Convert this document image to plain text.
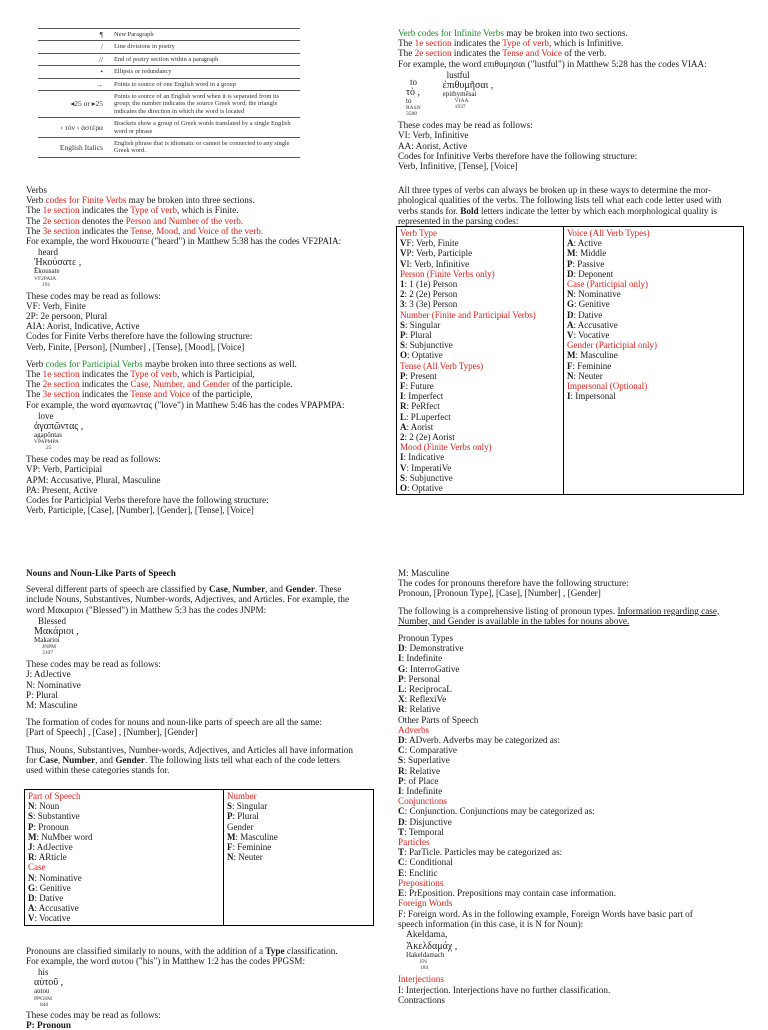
¶	New Paragraph
/	Line divisions in poetry
//	End of poetry section within a paragraph
•	Ellipsis or redundancy
→	Points to source of one English word in a group
◂25 or ▸25	Points to source of an English word when it is separated from its group; the number indicates the source Greek word; the triangle indicates the direction in which the word is located
‹ τόν › ἀστέρα	Brackets show a group of Greek words translated by a single English word or phrase
English Italics	English phrase that is idiomatic or cannot be connected to any single Greek word.
Verbs
Verb codes for Finite Verbs may be broken into three sections.
The 1e section indicates the Type of verb, which is Finite.
The 2e section denotes the Person and Number of the verb.
The 3e section indicates the Tense, Mood, and Voice of the verb.
For example, the word Ηκουσατε ("heard") in Matthew 5:38 has the codes VF2PAIA:
heard
Ἠκούσατε ,
Ēkousate
VF2PAIA
191
These codes may be read as follows:
VF: Verb, Finite
2P: 2e persoon, Plural
AIA: Aorist, Indicative, Active
Codes for Finite Verbs therefore have the following structure:
Verb, Finite, [Person], [Number] , [Tense], [Mood], [Voice]
Verb codes for Participial Verbs maybe broken into three sections as well.
The 1e section indicates the Type of verb, which is Participial,
The 2e section indicates the Case, Number, and Gender of the participle.
The 3e section indicates the Tense and Voice of the participle,
For example, the word αγαπωντας ("love") in Matthew 5:46 has the codes VPAPMPA:
love
ἀγαπῶντας ,
agapōntas
VPAPMPA
25
These codes may be read as follows:
VP: Verb, Participial
APM: Accusative, Plural, Masculine
PA: Present, Active
Codes for Participial Verbs therefore have the following structure:
Verb, Participle, [Case], [Number], [Gender], [Tense], [Voice]
Verb codes for Infinite Verbs may be broken into two sections.
The 1e section indicates the Type of verb, which is Infinitive.
The 2e section indicates the Tense and Voice of the verb.
For example, the word επιθυμησαι ("lustful") in Matthew 5:28 has the codes VIAA:
to
τὸ ,
to
RASN
3588
lustful
ἐπιθυμῆσαι ,
epithymēsai
VIAA
1937
These codes may be read as follows:
VI: Verb, Infinitive
AA: Aorist, Active
Codes for Infinitive Verbs therefore have the following structure:
Verb, Infinitive, [Tense], [Voice]
All three types of verbs can always be broken up in these ways to determine the mor-
phological qualities of the verbs. The following lists tell what each code letter used with
verbs stands for. Bold letters indicate the letter by which each morphological quality is
represented in the parsing codes:
Verb Type
VF: Verb, Finite
VP: Verb, Participle
VI: Verb, Infinitive
Person (Finite Verbs only)
1: 1 (1e) Person
2: 2 (2e) Person
3: 3 (3e) Person
Number (Finite and Participial Verbs)
S: Singular
P: Plural
S: Subjunctive
O: Optative
Tense (All Verb Types)
P: Present
F: Future
I: Imperfect
R: PeRfect
L: PLuperfect
A: Aorist
2: 2 (2e) Aorist
Mood (Finite Verbs only)
I: Indicative
V: ImperatiVe
S: Subjunctive
O: Optative
Voice (All Verb Types)
A: Active
M: Middle
P: Passive
D: Deponent
Case (Participial only)
N: Nominative
G: Genitive
D: Dative
A: Accusative
V: Vocative
Gender (Participial only)
M: Masculine
F: Feminine
N: Neuter
Impersonal (Optional)
I: Impersonal
Nouns and Noun-Like Parts of Speech
Several different parts of speech are classified by Case, Number, and Gender. These
include Nouns, Substantives, Number-words, Adjectives, and Articles. For example, the
word Μακαριοι ("Blessed") in Matthew 5:3 has the codes JNPM:
Blessed
Μακάριοι ,
Makarioi
JNPM
3107
These codes may be read as follows:
J: AdJective
N: Nominative
P: Plural
M: Masculine
The formation of codes for nouns and noun-like parts of speech are all the same:
[Part of Speech] , [Case] , [Number], [Gender]
Thus, Nouns, Substantives, Number-words, Adjectives, and Articles all have information
for Case, Number, and Gender. The following lists tell what each of the code letters
used within these categories stands for.
Part of Speech
N: Noun
S: Substantive
P: Pronoun
M: NuMber word
J: AdJective
R: ARticle
Case
N: Nominative
G: Genitive
D: Dative
A: Accusative
V: Vocative
Number
S: Singular
P: Plural
Gender
M: Masculine
F: Feminine
N: Neuter
Pronouns are classified similarly to nouns, with the addition of a Type classification.
For example, the word αυτου ("his") in Matthew 1:2 has the codes PPGSM:
his
αὐτοῦ ,
autou
PPGSM
846
These codes may be read as follows:
P: Pronoun
M: Masculine
The codes for pronouns therefore have the following structure:
Pronoun, [Pronoun Type], [Case], [Number] , [Gender]
The following is a comprehensive listing of pronoun types. Information regarding case,
Number, and Gender is available in the tables for nouns above.
Pronoun Types
D: Demonstrative
I: Indefinite
G: InterroGative
P: Personal
L: ReciprocaL
X: ReflexiVe
R: Relative
Other Parts of Speech
Adverbs
D: ADverb. Adverbs may be categorized as:
C: Comparative
S: Superlative
R: Relative
P: of Place
I: Indefinite
Conjunctions
C: Conjunction. Conjunctions may be categorized as:
D: Disjunctive
T: Temporal
Particles
T: ParTicle. Particles may be categorized as:
C: Conditional
E: Enclitic
Prepositions
E: PrEposition. Prepositions may contain case information.
Foreign Words
F: Foreign word. As in the following example, Foreign Words have basic part of
speech information (in this case, it is N for Noun):
Akeldama,
Ἀκελδαμάχ ,
Hakeldamach
FN
184
Interjections
I: Interjection. Interjections have no further classification.
Contractions
